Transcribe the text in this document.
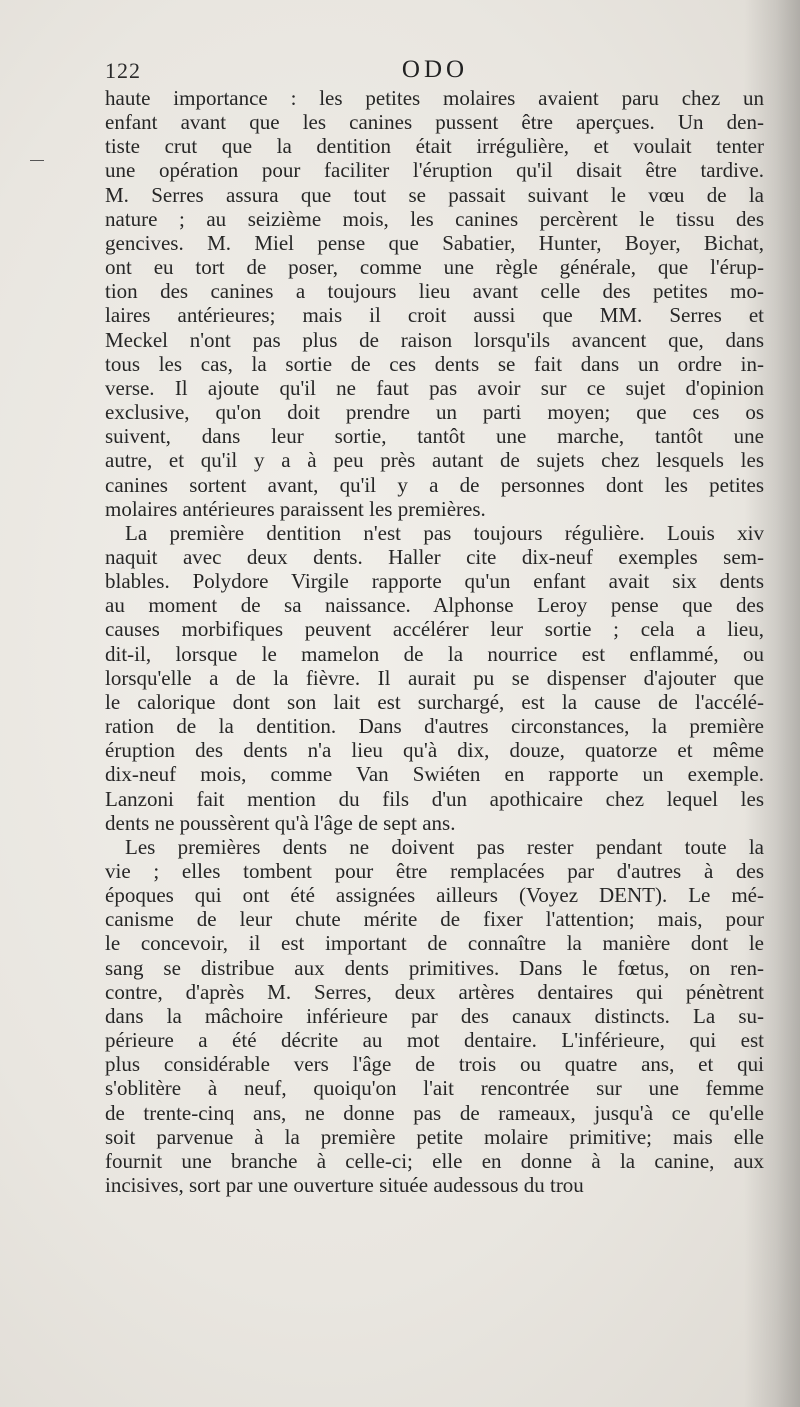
122	ODO
haute importance : les petites molaires avaient paru chez un
enfant avant que les canines pussent être aperçues. Un den-
tiste crut que la dentition était irrégulière, et voulait tenter
une opération pour faciliter l'éruption qu'il disait être tardive.
M. Serres assura que tout se passait suivant le vœu de la
nature ; au seizième mois, les canines percèrent le tissu des
gencives. M. Miel pense que Sabatier, Hunter, Boyer, Bichat,
ont eu tort de poser, comme une règle générale, que l'érup-
tion des canines a toujours lieu avant celle des petites mo-
laires antérieures; mais il croit aussi que MM. Serres et
Meckel n'ont pas plus de raison lorsqu'ils avancent que, dans
tous les cas, la sortie de ces dents se fait dans un ordre in-
verse. Il ajoute qu'il ne faut pas avoir sur ce sujet d'opinion
exclusive, qu'on doit prendre un parti moyen; que ces os
suivent, dans leur sortie, tantôt une marche, tantôt une
autre, et qu'il y a à peu près autant de sujets chez lesquels les
canines sortent avant, qu'il y a de personnes dont les petites
molaires antérieures paraissent les premières.
La première dentition n'est pas toujours régulière. Louis xiv
naquit avec deux dents. Haller cite dix-neuf exemples sem-
blables. Polydore Virgile rapporte qu'un enfant avait six dents
au moment de sa naissance. Alphonse Leroy pense que des
causes morbifiques peuvent accélérer leur sortie ; cela a lieu,
dit-il, lorsque le mamelon de la nourrice est enflammé, ou
lorsqu'elle a de la fièvre. Il aurait pu se dispenser d'ajouter que
le calorique dont son lait est surchargé, est la cause de l'accélé-
ration de la dentition. Dans d'autres circonstances, la première
éruption des dents n'a lieu qu'à dix, douze, quatorze et même
dix-neuf mois, comme Van Swiéten en rapporte un exemple.
Lanzoni fait mention du fils d'un apothicaire chez lequel les
dents ne poussèrent qu'à l'âge de sept ans.
Les premières dents ne doivent pas rester pendant toute la
vie ; elles tombent pour être remplacées par d'autres à des
époques qui ont été assignées ailleurs (Voyez DENT). Le mé-
canisme de leur chute mérite de fixer l'attention; mais, pour
le concevoir, il est important de connaître la manière dont le
sang se distribue aux dents primitives. Dans le fœtus, on ren-
contre, d'après M. Serres, deux artères dentaires qui pénètrent
dans la mâchoire inférieure par des canaux distincts. La su-
périeure a été décrite au mot dentaire. L'inférieure, qui est
plus considérable vers l'âge de trois ou quatre ans, et qui
s'oblitère à neuf, quoiqu'on l'ait rencontrée sur une femme
de trente-cinq ans, ne donne pas de rameaux, jusqu'à ce qu'elle
soit parvenue à la première petite molaire primitive; mais elle
fournit une branche à celle-ci; elle en donne à la canine, aux
incisives, sort par une ouverture située audessous du trou
